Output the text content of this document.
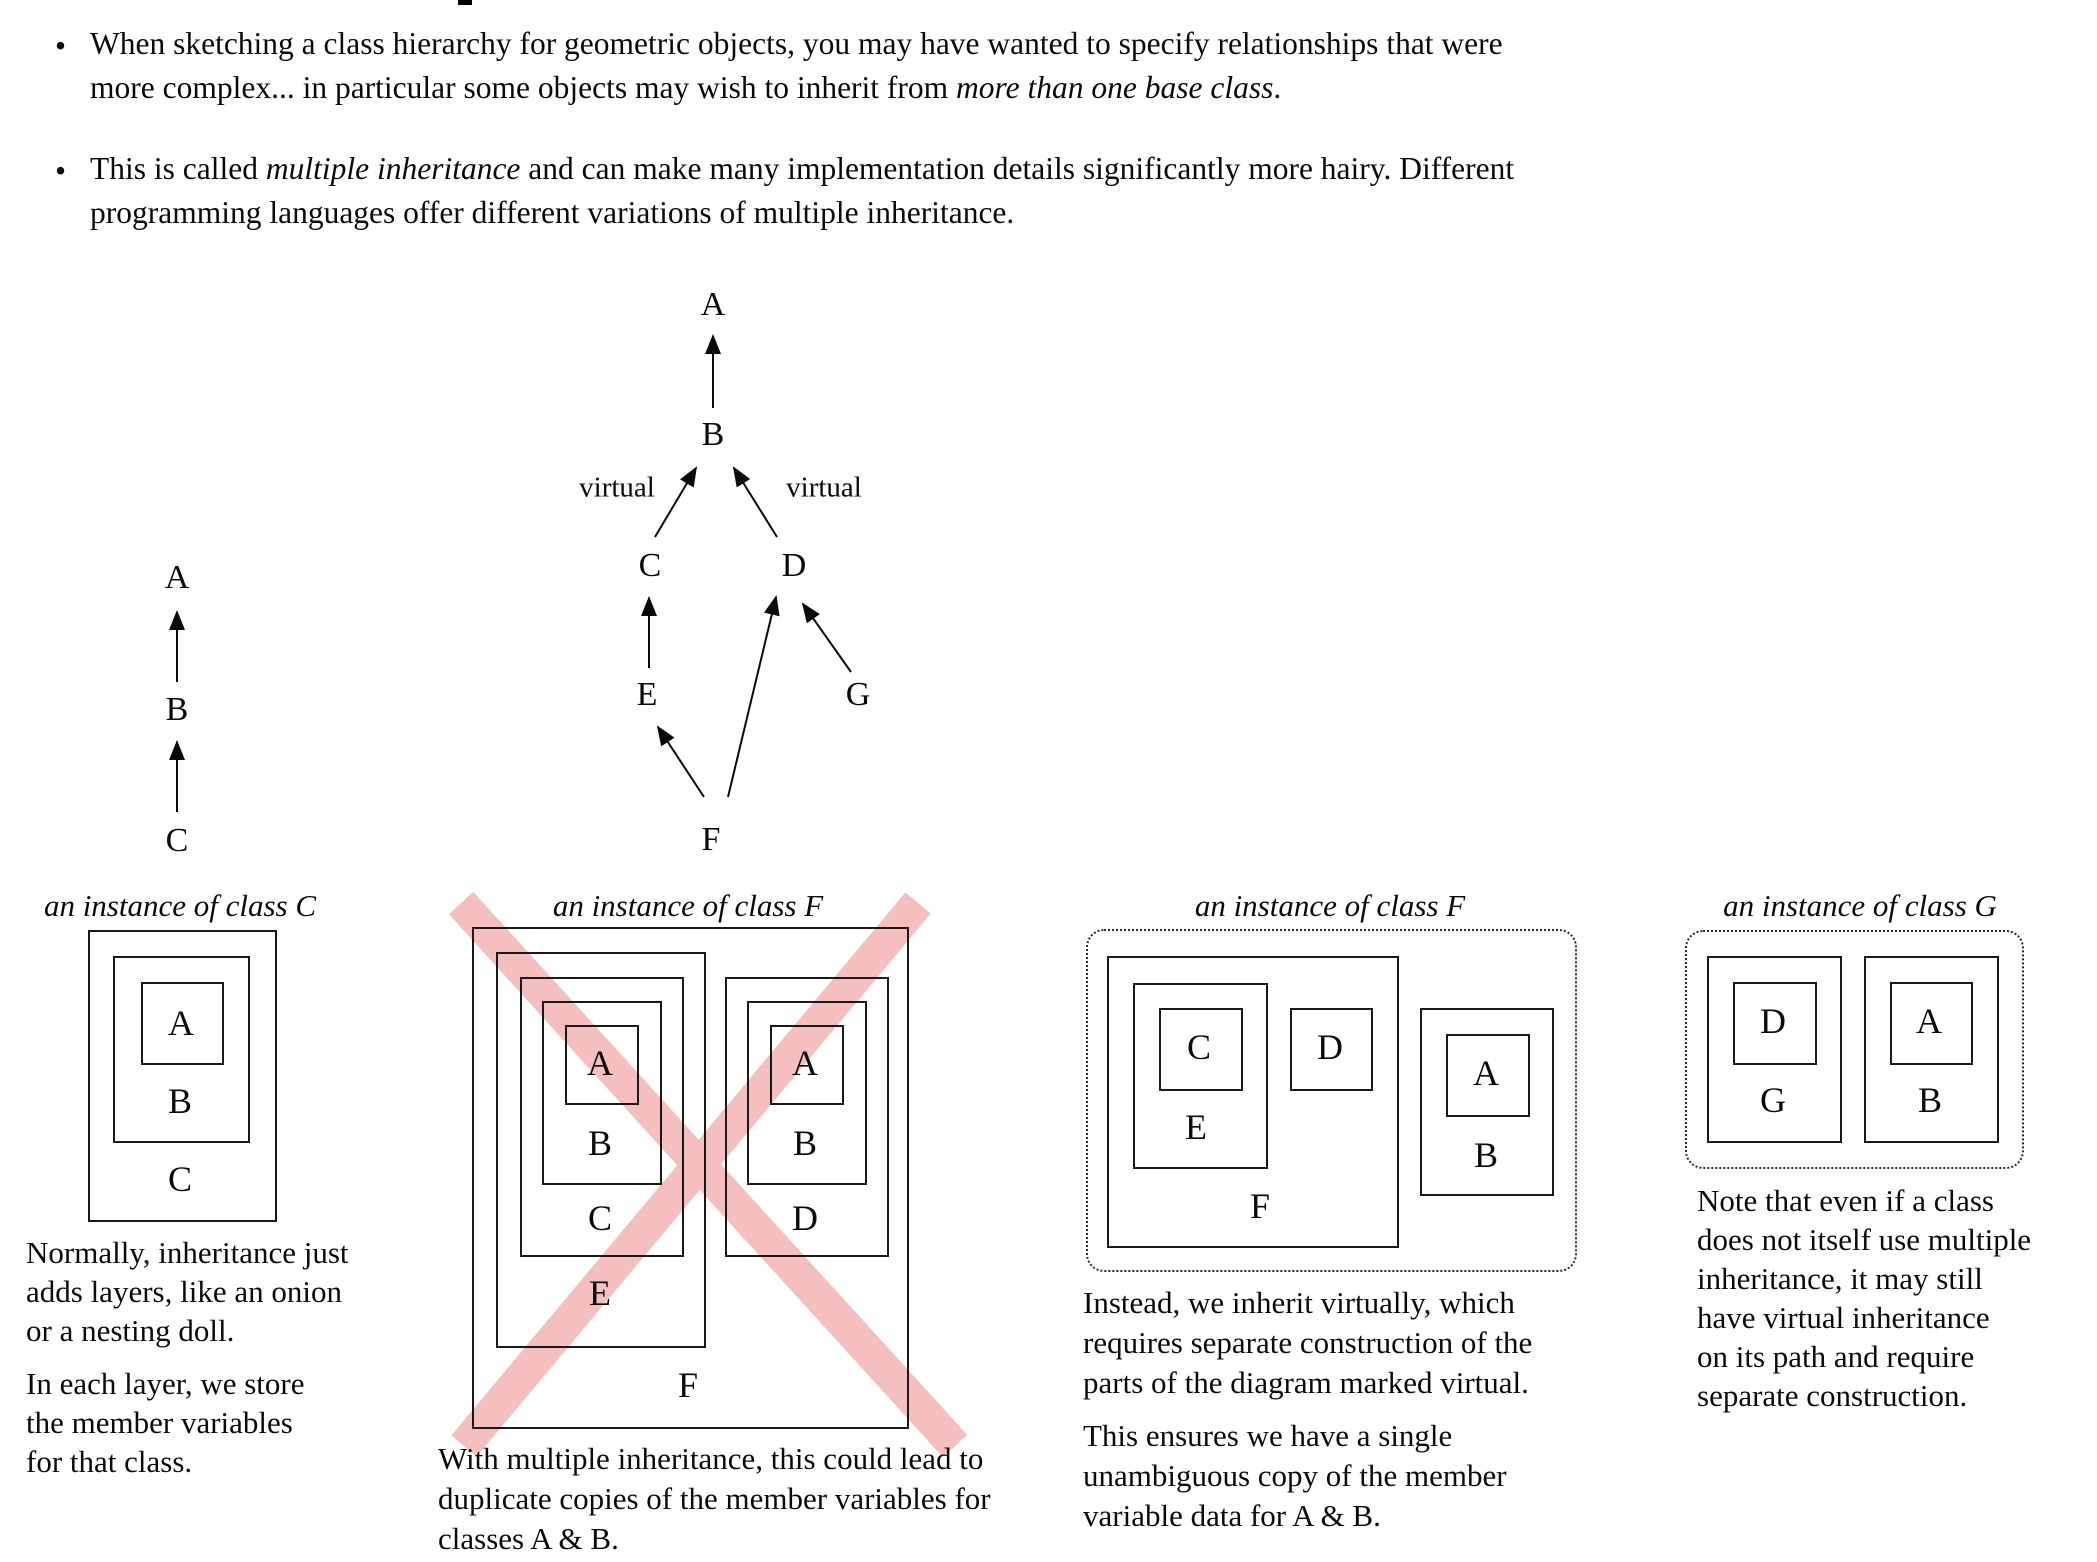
• When sketching a class hierarchy for geometric objects, you may have wanted to specify relationships that were
more complex... in particular some objects may wish to inherit from more than one base class.
• This is called multiple inheritance and can make many implementation details significantly more hairy. Different
programming languages offer different variations of multiple inheritance.
A
B
C
A
B
virtual	virtual
C	D
E	G
F
an instance of class C
A
B
C
Normally, inheritance just
adds layers, like an onion
or a nesting doll.
In each layer, we store
the member variables
for that class.
an instance of class F
A
B
C
E
A
B
D
F
With multiple inheritance, this could lead to
duplicate copies of the member variables for
classes A & B.
an instance of class F
C	D
E
F
A
B
Instead, we inherit virtually, which
requires separate construction of the
parts of the diagram marked virtual.
This ensures we have a single
unambiguous copy of the member
variable data for A & B.
an instance of class G
D
G
A
B
Note that even if a class
does not itself use multiple
inheritance, it may still
have virtual inheritance
on its path and require
separate construction.
